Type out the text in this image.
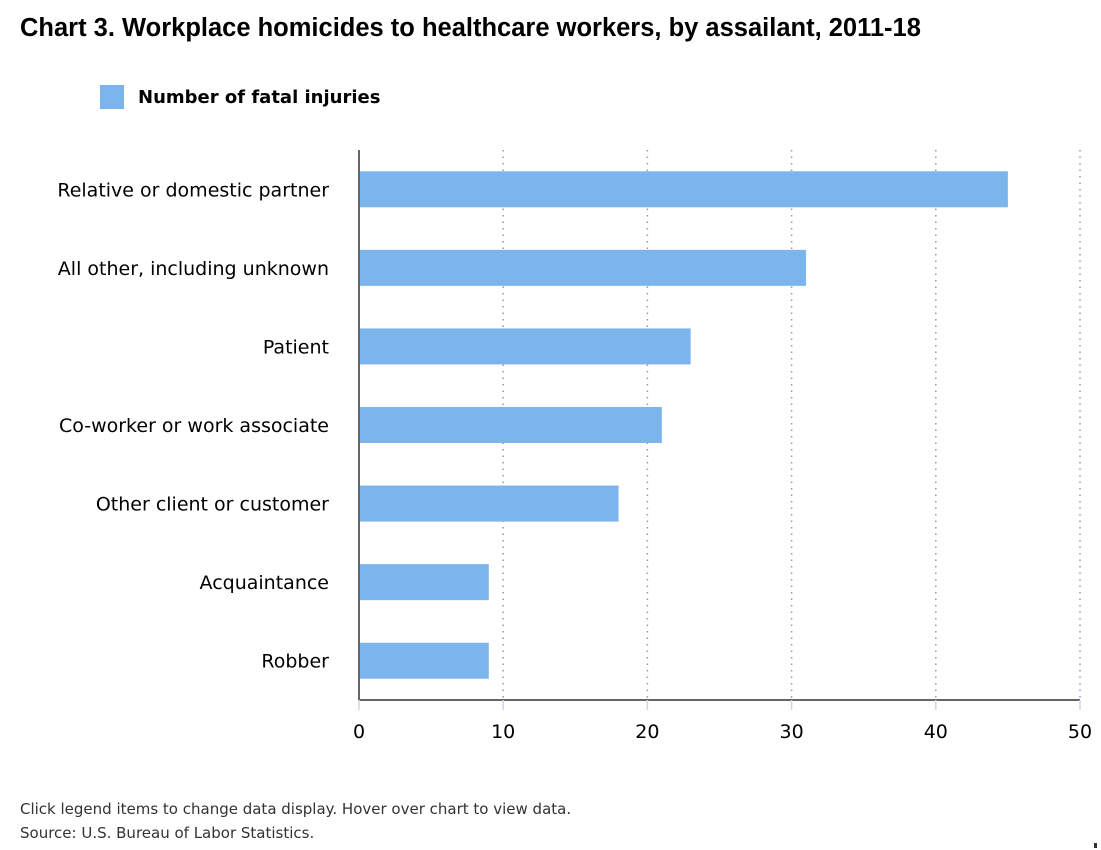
Chart 3. Workplace homicides to healthcare workers, by assailant, 2011-18
Number of fatal injuries
Relative or domestic partner
All other, including unknown
Patient
Co-worker or work associate
Other client or customer
Acquaintance
Robber
0	10	20	30	40	50
Click legend items to change data display. Hover over chart to view data.
Source: U.S. Bureau of Labor Statistics.
